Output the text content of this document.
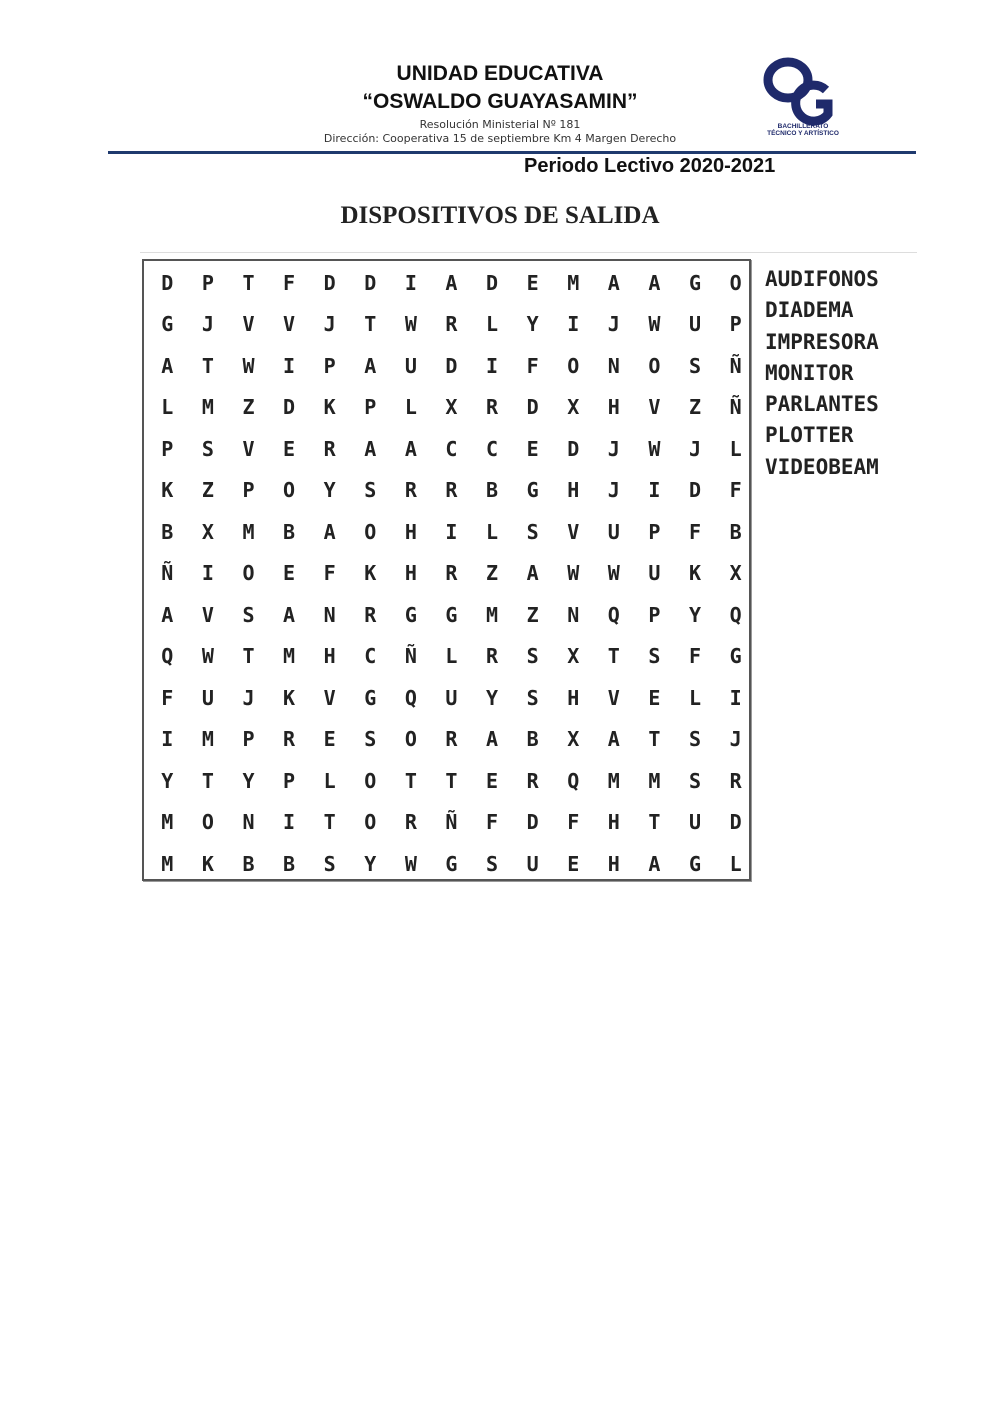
UNIDAD EDUCATIVA
“OSWALDO GUAYASAMIN”
Resolución Ministerial Nº 181
Dirección: Cooperativa 15 de septiembre Km 4 Margen Derecho
BACHILLERATO
TÉCNICO Y ARTÍSTICO
Periodo Lectivo 2020-2021
DISPOSITIVOS DE SALIDA
D	P	T	F	D	D	I	A	D	E	M	A	A	G	O
G	J	V	V	J	T	W	R	L	Y	I	J	W	U	P
A	T	W	I	P	A	U	D	I	F	O	N	O	S	Ñ
L	M	Z	D	K	P	L	X	R	D	X	H	V	Z	Ñ
P	S	V	E	R	A	A	C	C	E	D	J	W	J	L
K	Z	P	O	Y	S	R	R	B	G	H	J	I	D	F
B	X	M	B	A	O	H	I	L	S	V	U	P	F	B
Ñ	I	O	E	F	K	H	R	Z	A	W	W	U	K	X
A	V	S	A	N	R	G	G	M	Z	N	Q	P	Y	Q
Q	W	T	M	H	C	Ñ	L	R	S	X	T	S	F	G
F	U	J	K	V	G	Q	U	Y	S	H	V	E	L	I
I	M	P	R	E	S	O	R	A	B	X	A	T	S	J
Y	T	Y	P	L	O	T	T	E	R	Q	M	M	S	R
M	O	N	I	T	O	R	Ñ	F	D	F	H	T	U	D
M	K	B	B	S	Y	W	G	S	U	E	H	A	G	L
AUDIFONOS
DIADEMA
IMPRESORA
MONITOR
PARLANTES
PLOTTER
VIDEOBEAM
